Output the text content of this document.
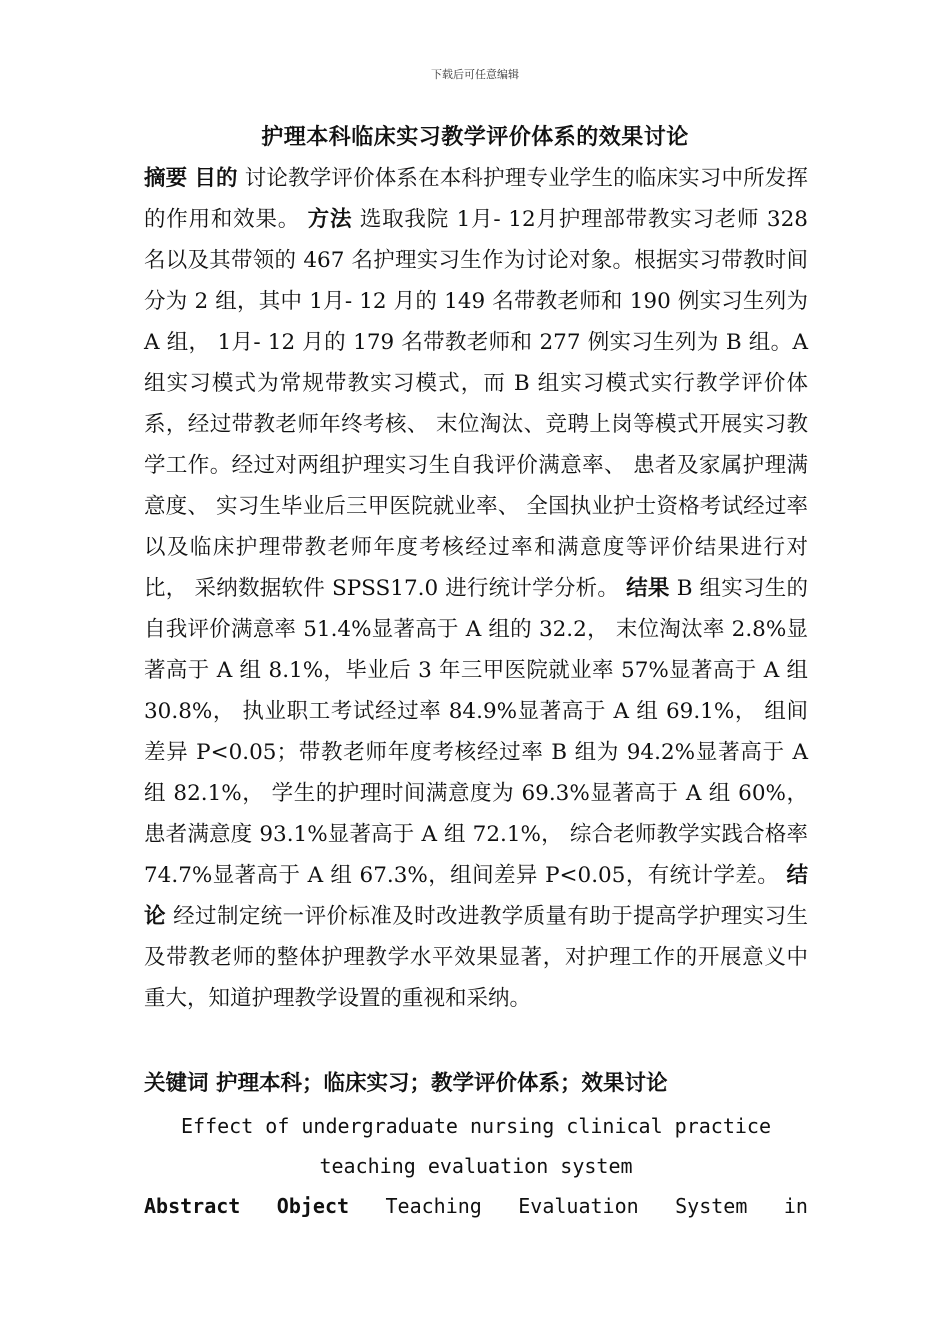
下载后可任意编辑
护理本科临床实习教学评价体系的效果讨论
摘要 目的 讨论教学评价体系在本科护理专业学生的临床实习中所发挥的作用和效果。 方法 选取我院 1月- 12月护理部带教实习老师 328 名以及其带领的 467 名护理实习生作为讨论对象。根据实习带教时间分为 2 组，其中 1月- 12 月的 149 名带教老师和 190 例实习生列为 A 组， 1月- 12 月的 179 名带教老师和 277 例实习生列为 B 组。A 组实习模式为常规带教实习模式，而 B 组实习模式实行教学评价体系，经过带教老师年终考核、 末位淘汰、竞聘上岗等模式开展实习教学工作。经过对两组护理实习生自我评价满意率、 患者及家属护理满意度、 实习生毕业后三甲医院就业率、 全国执业护士资格考试经过率以及临床护理带教老师年度考核经过率和满意度等评价结果进行对比， 采纳数据软件 SPSS17.0 进行统计学分析。 结果 B 组实习生的自我评价满意率 51.4%显著高于 A 组的 32.2， 末位淘汰率 2.8%显著高于 A 组 8.1%，毕业后 3 年三甲医院就业率 57%显著高于 A 组 30.8%， 执业职工考试经过率 84.9%显著高于 A 组 69.1%， 组间差异 P<0.05；带教老师年度考核经过率 B 组为 94.2%显著高于 A 组 82.1%， 学生的护理时间满意度为 69.3%显著高于 A 组 60%， 患者满意度 93.1%显著高于 A 组 72.1%， 综合老师教学实践合格率 74.7%显著高于 A 组 67.3%，组间差异 P<0.05，有统计学差。 结论 经过制定统一评价标准及时改进教学质量有助于提高学护理实习生及带教老师的整体护理教学水平效果显著，对护理工作的开展意义中重大，知道护理教学设置的重视和采纳。
关键词 护理本科；临床实习；教学评价体系；效果讨论
Effect of undergraduate nursing clinical practice
teaching evaluation system
Abstract Object Teaching Evaluation System in
